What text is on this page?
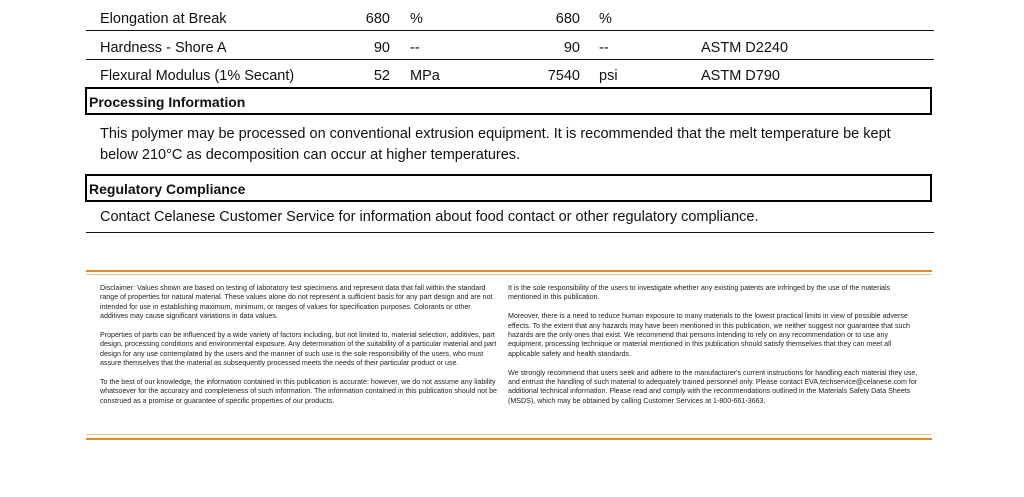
Elongation at Break	680 %	680 %
Hardness - Shore A	90 --	90 --	ASTM D2240
Flexural Modulus (1% Secant)	52 MPa	7540 psi	ASTM D790
Processing Information
This polymer may be processed on conventional extrusion equipment. It is recommended that the melt temperature be kept below 210°C as decomposition can occur at higher temperatures.
Regulatory Compliance
Contact Celanese Customer Service for information about food contact or other regulatory compliance.

Disclaimer: Values shown are based on testing of laboratory test specimens and represent data that fall within the standard range of properties for natural material. These values alone do not represent a sufficient basis for any part design and are not intended for use in establishing maximum, minimum, or ranges of values for specification purposes. Colorants or other additives may cause significant variations in data values.

Properties of parts can be influenced by a wide variety of factors including, but not limited to, material selection, additives, part design, processing conditions and environmental exposure. Any determination of the suitability of a particular material and part design for any use contemplated by the users and the manner of such use is the sole responsibility of the users, who must assure themselves that the material as subsequently processed meets the needs of their particular product or use.

To the best of our knowledge, the information contained in this publication is accurate: however, we do not assume any liability whatsoever for the accuracy and completeness of such information. The information contained in this publication should not be construed as a promise or guarantee of specific properties of our products.

It is the sole responsibility of the users to investigate whether any existing patents are infringed by the use of the materials mentioned in this publication.

Moreover, there is a need to reduce human exposure to many materials to the lowest practical limits in view of possible adverse effects. To the extent that any hazards may have been mentioned in this publication, we neither suggest nor guarantee that such hazards are the only ones that exist. We recommend that persons intending to rely on any recommendation or to use any equipment, processing technique or material mentioned in this publication should satisfy themselves that they can meet all applicable safety and health standards.

We strongly recommend that users seek and adhere to the manufacturer's current instructions for handling each material they use, and entrust the handling of such material to adequately trained personnel only. Please contact EVA.techservice@celanese.com for additional technical information. Please read and comply with the recommendations outlined in the Materials Safety Data Sheets (MSDS), which may be obtained by calling Customer Services at 1-800-661-3663.
